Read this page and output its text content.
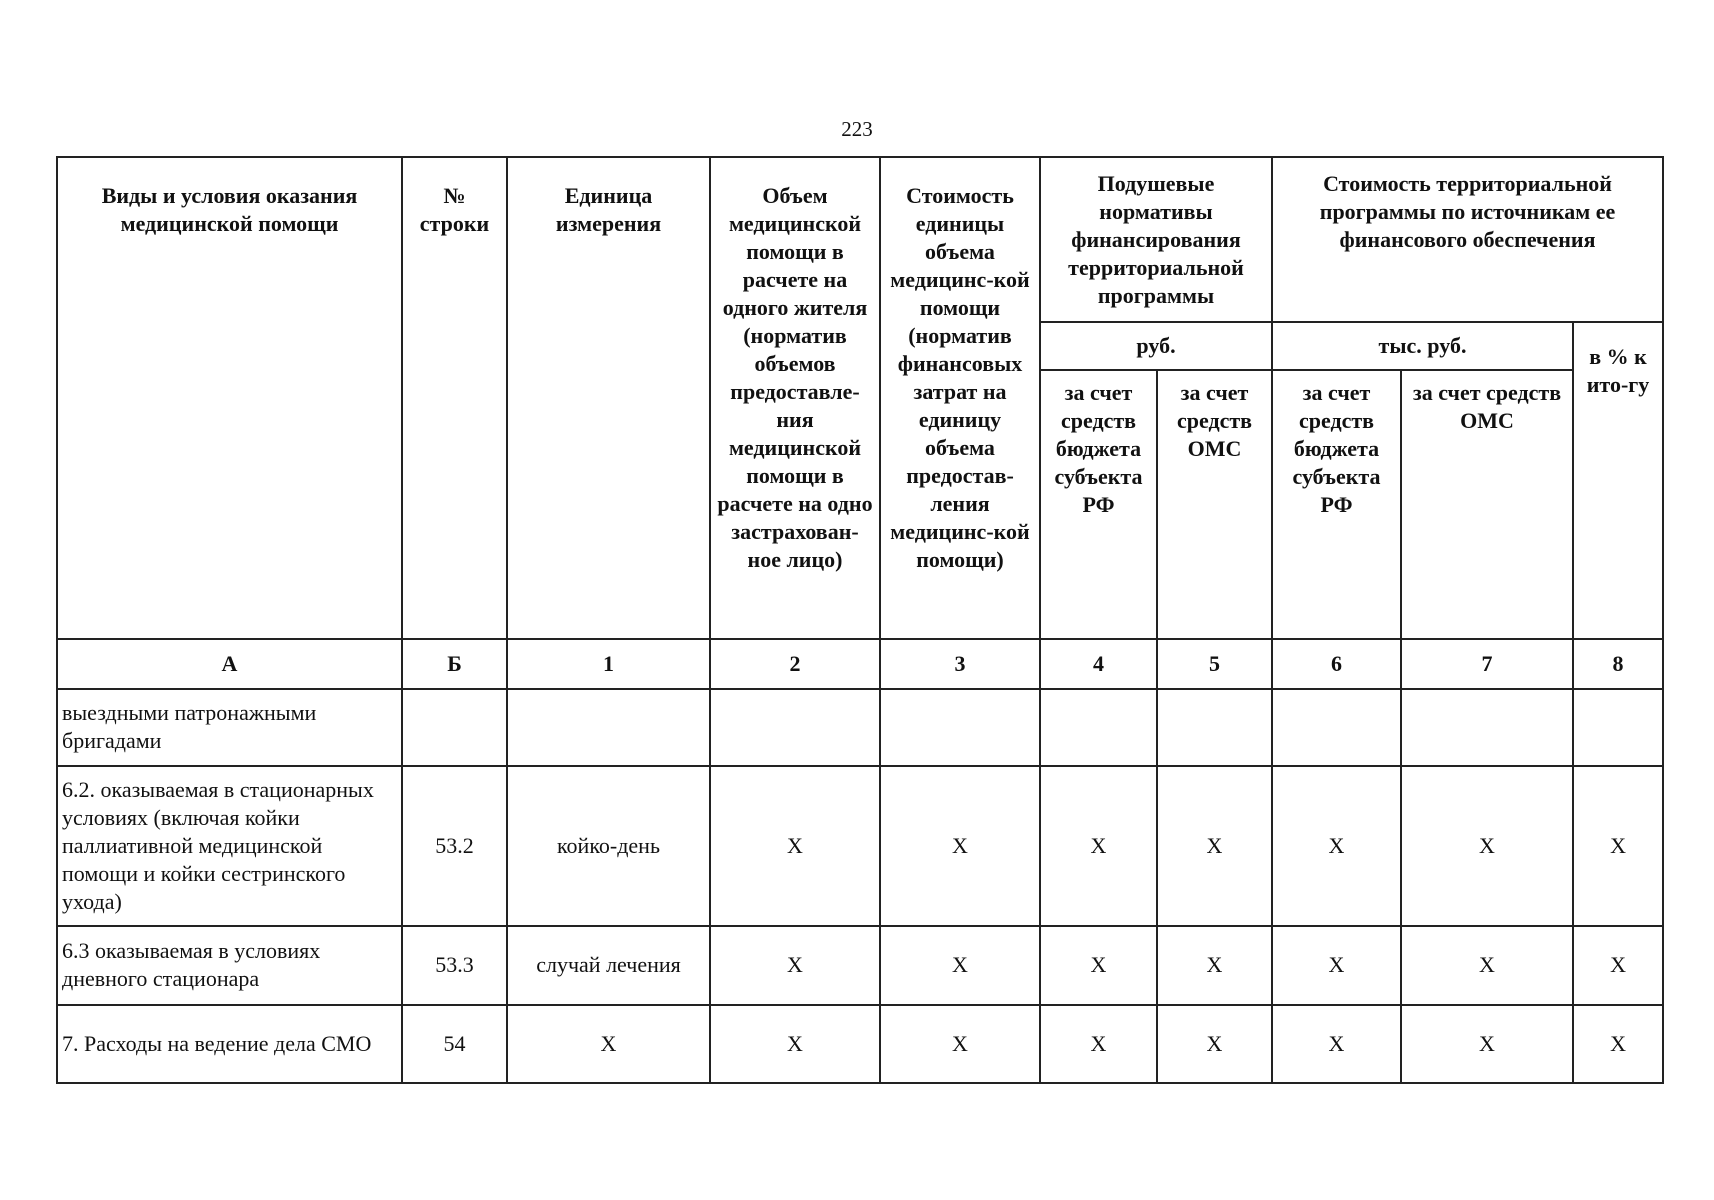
223
Виды и условия оказания медицинской помощи	№ строки	Единица измерения	Объем медицинской помощи в расчете на одного жителя (норматив объемов предоставле-ния медицинской помощи в расчете на одно застрахован-ное лицо)	Стоимость единицы объема медицинс-кой помощи (норматив финансовых затрат на единицу объема предостав-ления медицинс-кой помощи)	Подушевые нормативы финансирования территориальной программы		Стоимость территориальной программы по источникам ее финансового обеспечения		
					руб.		тыс. руб.		в % к ито-гу
					за счет средств бюджета субъекта РФ	за счет средств ОМС	за счет средств бюджета субъекта РФ	за счет средств ОМС	
А	Б	1	2	3	4	5	6	7	8
выездными патронажными бригадами									
6.2. оказываемая в стационарных условиях (включая койки паллиативной медицинской помощи и койки сестринского ухода)	53.2	койко-день	X	X	X	X	X	X	X
6.3 оказываемая в условиях дневного стационара	53.3	случай лечения	X	X	X	X	X	X	X
7. Расходы на ведение дела СМО	54	X	X	X	X	X	X	X	X
